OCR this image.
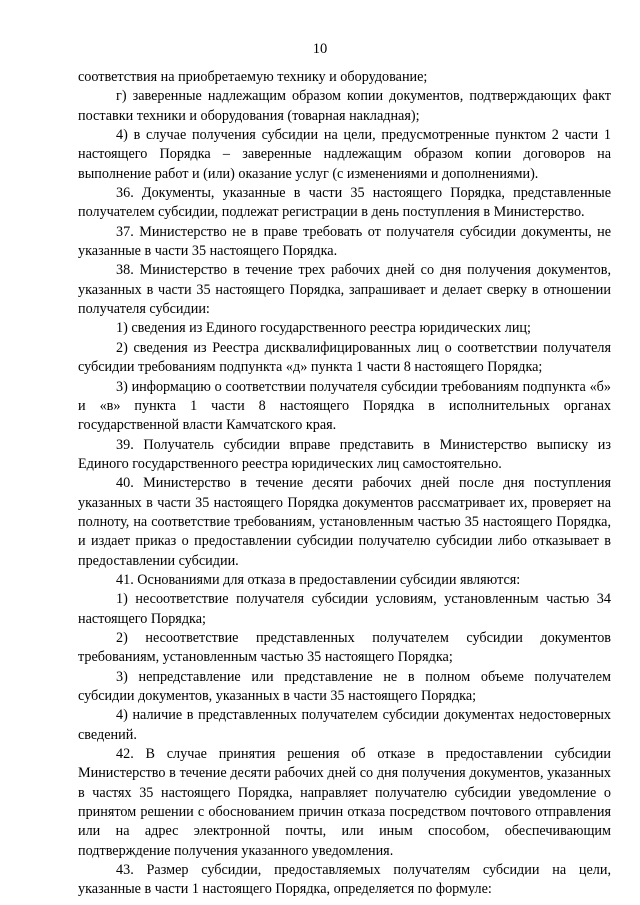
10

соответствия на приобретаемую технику и оборудование;

г) заверенные надлежащим образом копии документов, подтверждающих факт поставки техники и оборудования (товарная накладная);

4) в случае получения субсидии на цели, предусмотренные пунктом 2 части 1 настоящего Порядка – заверенные надлежащим образом копии договоров на выполнение работ и (или) оказание услуг (с изменениями и дополнениями).

36. Документы, указанные в части 35 настоящего Порядка, представленные получателем субсидии, подлежат регистрации в день поступления в Министерство.

37. Министерство не в праве требовать от получателя субсидии документы, не указанные в части 35 настоящего Порядка.

38. Министерство в течение трех рабочих дней со дня получения документов, указанных в части 35 настоящего Порядка, запрашивает и делает сверку в отношении получателя субсидии:

1) сведения из Единого государственного реестра юридических лиц;

2) сведения из Реестра дисквалифицированных лиц о соответствии получателя субсидии требованиям подпункта «д» пункта 1 части 8 настоящего Порядка;

3) информацию о соответствии получателя субсидии требованиям подпункта «б» и «в» пункта 1 части 8 настоящего Порядка в исполнительных органах государственной власти Камчатского края.

39. Получатель субсидии вправе представить в Министерство выписку из Единого государственного реестра юридических лиц самостоятельно.

40. Министерство в течение десяти рабочих дней после дня поступления указанных в части 35 настоящего Порядка документов рассматривает их, проверяет на полноту, на соответствие требованиям, установленным частью 35 настоящего Порядка, и издает приказ о предоставлении субсидии получателю субсидии либо отказывает в предоставлении субсидии.

41. Основаниями для отказа в предоставлении субсидии являются:

1) несоответствие получателя субсидии условиям, установленным частью 34 настоящего Порядка;

2) несоответствие представленных получателем субсидии документов требованиям, установленным частью 35 настоящего Порядка;

3) непредставление или представление не в полном объеме получателем субсидии документов, указанных в части 35 настоящего Порядка;

4) наличие в представленных получателем субсидии документах недостоверных сведений.

42. В случае принятия решения об отказе в предоставлении субсидии Министерство в течение десяти рабочих дней со дня получения документов, указанных в частях 35 настоящего Порядка, направляет получателю субсидии уведомление о принятом решении с обоснованием причин отказа посредством почтового отправления или на адрес электронной почты, или иным способом, обеспечивающим подтверждение получения указанного уведомления.

43. Размер субсидии, предоставляемых получателям субсидии на цели, указанные в части 1 настоящего Порядка, определяется по формуле:
